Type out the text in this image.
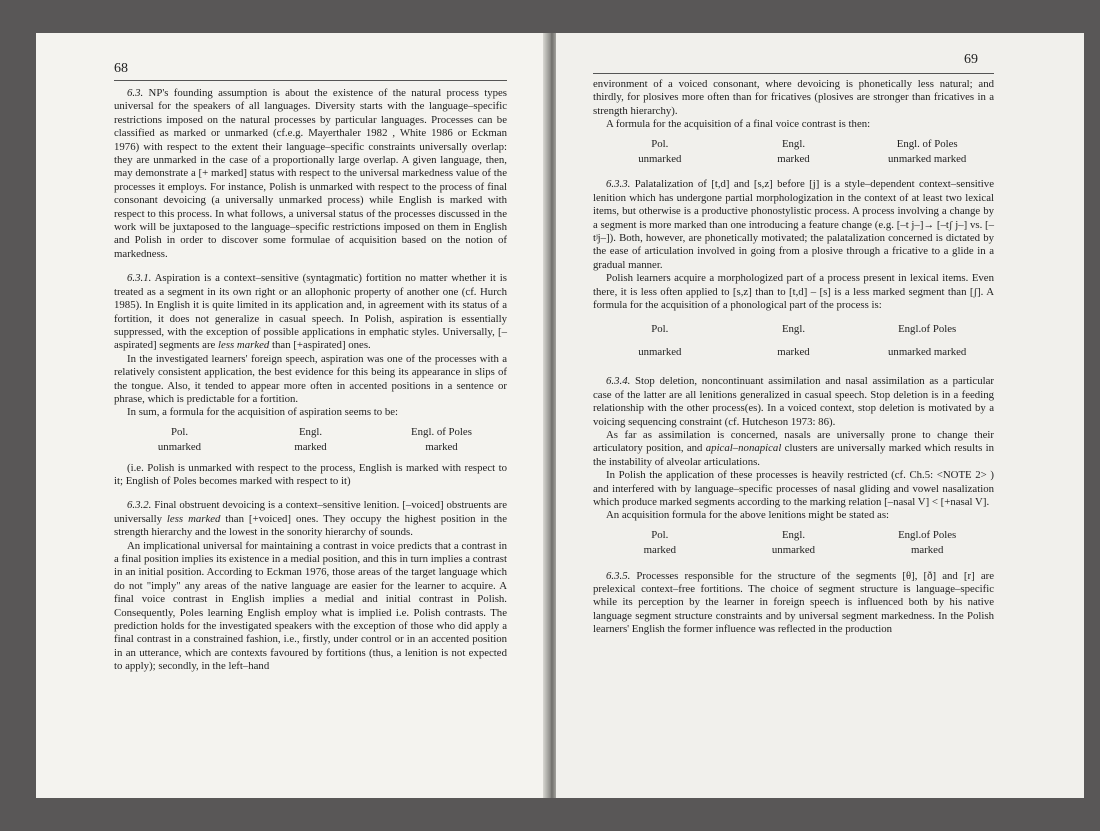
68

6.3. NP's founding assumption is about the existence of the natural process types universal for the speakers of all languages. Diversity starts with the language–specific restrictions imposed on the natural processes by particular languages. Processes can be classified as marked or unmarked (cf.e.g. Mayerthaler 1982 , White 1986 or Eckman 1976) with respect to the extent their language–specific constraints universally overlap: they are unmarked in the case of a proportionally large overlap. A given language, then, may demonstrate a [+ marked] status with respect to the universal markedness value of the processes it employs. For instance, Polish is unmarked with respect to the process of final consonant devoicing (a universally unmarked process) while English is marked with respect to this process. In what follows, a universal status of the processes discussed in the work will be juxtaposed to the language–specific restrictions imposed on them in English and Polish in order to discover some formulae of acquisition based on the notion of markedness.

6.3.1. Aspiration is a context–sensitive (syntagmatic) fortition no matter whether it is treated as a segment in its own right or an allophonic property of another one (cf. Hurch 1985). In English it is quite limited in its application and, in agreement with its status of a fortition, it does not generalize in casual speech. In Polish, aspiration is essentially suppressed, with the exception of possible applications in emphatic styles. Universally, [–aspirated] segments are less marked than [+aspirated] ones.

In the investigated learners' foreign speech, aspiration was one of the processes with a relatively consistent application, the best evidence for this being its appearance in slips of the tongue. Also, it tended to appear more often in accented positions in a sentence or phrase, which is predictable for a fortition.

In sum, a formula for the acquisition of aspiration seems to be:

Pol.	Engl.	Engl. of Poles
unmarked	marked	marked

(i.e. Polish is unmarked with respect to the process, English is marked with respect to it; English of Poles becomes marked with respect to it)

6.3.2. Final obstruent devoicing is a context–sensitive lenition. [–voiced] obstruents are universally less marked than [+voiced] ones. They occupy the highest position in the strength hierarchy and the lowest in the sonority hierarchy of sounds.

An implicational universal for maintaining a contrast in voice predicts that a contrast in a final position implies its existence in a medial position, and this in turn implies a contrast in an initial position. According to Eckman 1976, those areas of the target language which do not "imply" any areas of the native language are easier for the learner to acquire. A final voice contrast in English implies a medial and initial contrast in Polish. Consequently, Poles learning English employ what is implied i.e. Polish contrasts. The prediction holds for the investigated speakers with the exception of those who did apply a final contrast in a constrained fashion, i.e., firstly, under control or in an accented position in an utterance, which are contexts favoured by fortitions (thus, a lenition is not expected to apply); secondly, in the left–hand

69

environment of a voiced consonant, where devoicing is phonetically less natural; and thirdly, for plosives more often than for fricatives (plosives are stronger than fricatives in a strength hierarchy).

A formula for the acquisition of a final voice contrast is then:

Pol.	Engl.	Engl. of Poles
unmarked	marked	unmarked marked

6.3.3. Palatalization of [t,d] and [s,z] before [j] is a style–dependent context–sensitive lenition which has undergone partial morphologization in the context of at least two lexical items, but otherwise is a productive phonostylistic process. A process involving a change by a segment is more marked than one introducing a feature change (e.g. [–t j–]→ [–tʃ j–] vs. [–tʲj–]). Both, however, are phonetically motivated; the palatalization concerned is dictated by the ease of articulation involved in going from a plosive through a fricative to a glide in a gradual manner.

Polish learners acquire a morphologized part of a process present in lexical items. Even there, it is less often applied to [s,z] than to [t,d] – [s] is a less marked segment than [ʃ]. A formula for the acquisition of a phonological part of the process is:

Pol.	Engl.	Engl.of Poles
unmarked	marked	unmarked marked

6.3.4. Stop deletion, noncontinuant assimilation and nasal assimilation as a particular case of the latter are all lenitions generalized in casual speech. Stop deletion is in a feeding relationship with the other process(es). In a voiced context, stop deletion is motivated by a voicing sequencing constraint (cf. Hutcheson 1973: 86).

As far as assimilation is concerned, nasals are universally prone to change their articulatory position, and apical–nonapical clusters are universally marked which results in the instability of alveolar articulations.

In Polish the application of these processes is heavily restricted (cf. Ch.5: <NOTE 2> ) and interfered with by language–specific processes of nasal gliding and vowel nasalization which produce marked segments according to the marking relation [–nasal V] < [+nasal V].

An acquisition formula for the above lenitions might be stated as:

Pol.	Engl.	Engl.of Poles
marked	unmarked	marked

6.3.5. Processes responsible for the structure of the segments [θ], [ð] and [r] are prelexical context–free fortitions. The choice of segment structure is language–specific while its perception by the learner in foreign speech is influenced both by his native language segment structure constraints and by universal segment markedness. In the Polish learners' English the former influence was reflected in the production
